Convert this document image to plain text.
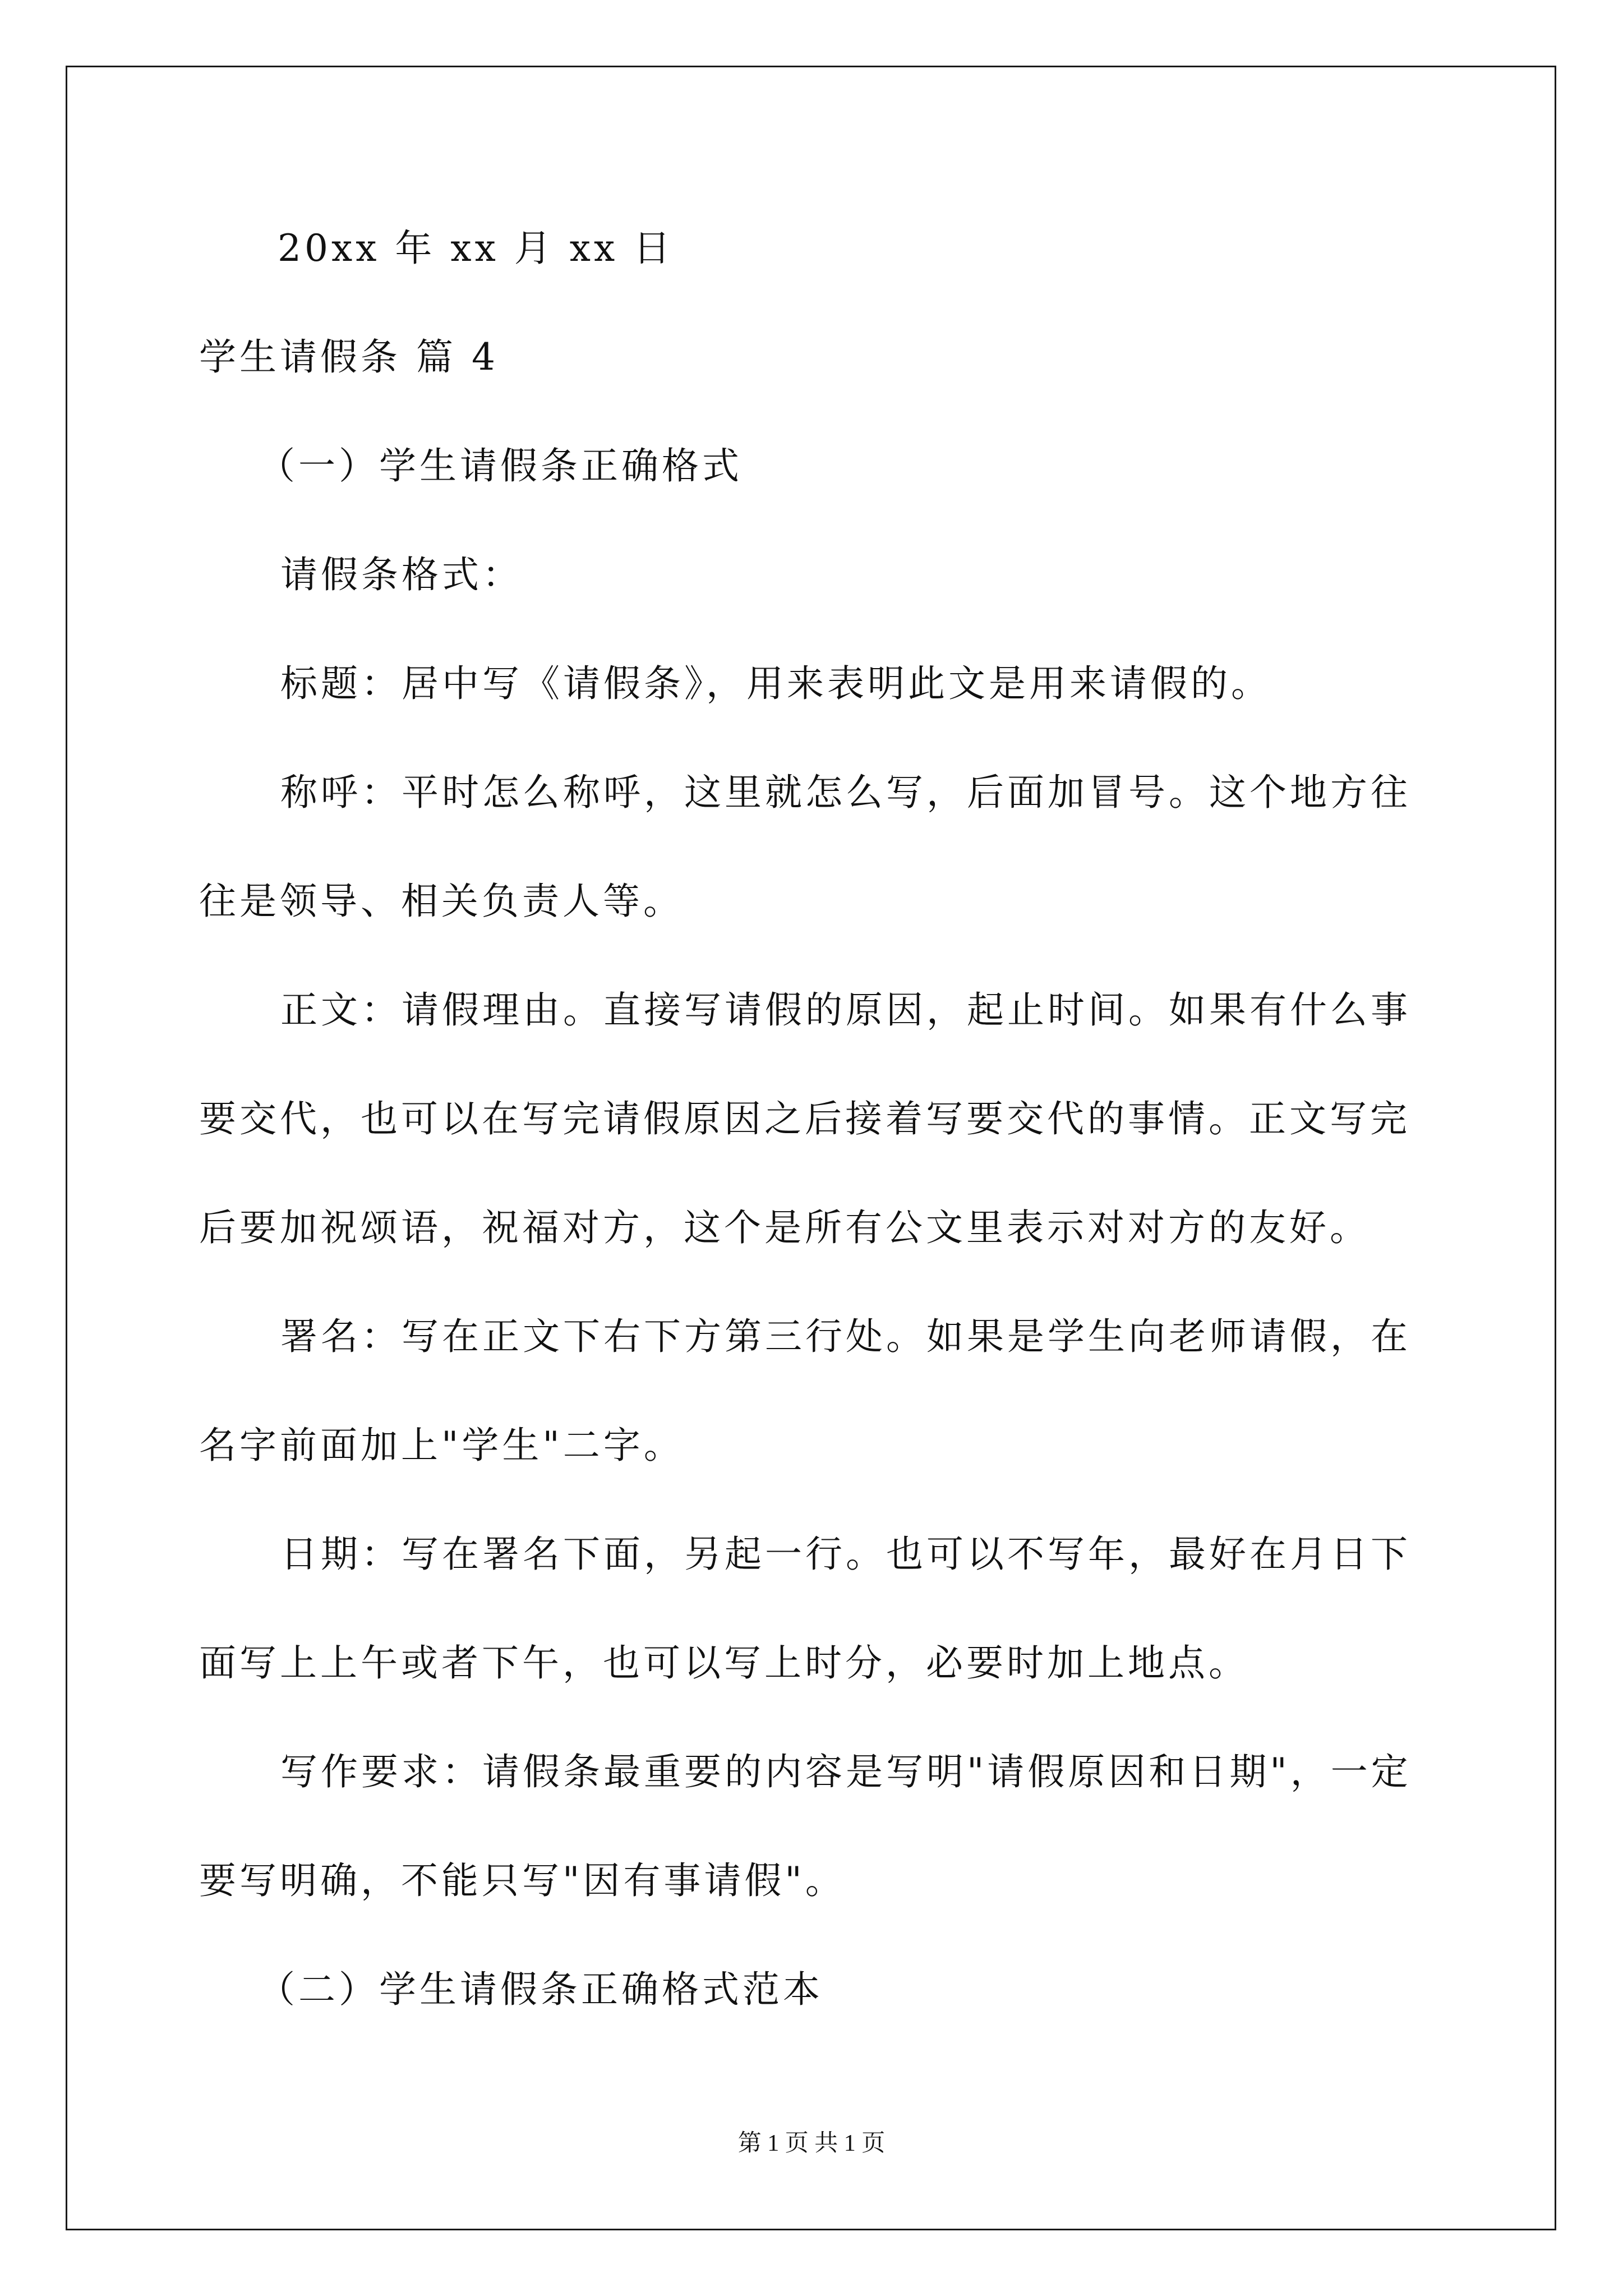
20xx 年 xx 月 xx 日
学生请假条 篇 4
（一）学生请假条正确格式
请假条格式：
标题：居中写《请假条》，用来表明此文是用来请假的。
称呼：平时怎么称呼，这里就怎么写，后面加冒号。这个地方往
往是领导、相关负责人等。
正文：请假理由。直接写请假的原因，起止时间。如果有什么事
要交代，也可以在写完请假原因之后接着写要交代的事情。正文写完
后要加祝颂语，祝福对方，这个是所有公文里表示对对方的友好。
署名：写在正文下右下方第三行处。如果是学生向老师请假，在
名字前面加上"学生"二字。
日期：写在署名下面，另起一行。也可以不写年，最好在月日下
面写上上午或者下午，也可以写上时分，必要时加上地点。
写作要求：请假条最重要的内容是写明"请假原因和日期"，一定
要写明确，不能只写"因有事请假"。
（二）学生请假条正确格式范本
第 1 页 共 1 页
